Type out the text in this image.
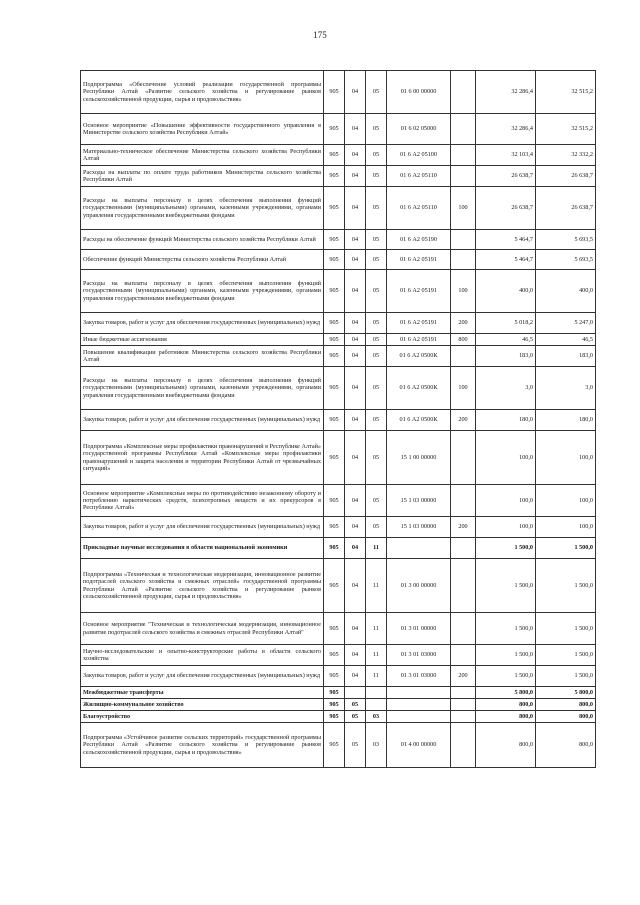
175
Подпрограмма «Обеспечение условий реализации государственной программы Республики Алтай «Развитие сельского хозяйства и регулирование рынков сельскохозяйственной продукции, сырья и продовольствия»	905	04	05	01 6 00 00000		32 286,4	32 515,2
Основное мероприятие «Повышение эффективности государственного управления в Министерстве сельского хозяйства Республики Алтай»	905	04	05	01 6 02 05000		32 286,4	32 515,2
Материально-техническое обеспечение Министерства сельского хозяйства Республики Алтай	905	04	05	01 6 А2 05100		32 103,4	32 332,2
Расходы на выплаты по оплате труда работников Министерства сельского хозяйства Республики Алтай	905	04	05	01 6 А2 05110		26 638,7	26 638,7
Расходы на выплаты персоналу в целях обеспечения выполнения функций государственными (муниципальными) органами, казенными учреждениями, органами управления государственными внебюджетными фондами	905	04	05	01 6 А2 05110	100	26 638,7	26 638,7
Расходы на обеспечение функций Министерства сельского хозяйства Республики Алтай	905	04	05	01 6 А2 05190		5 464,7	5 693,5
Обеспечение функций Министерства сельского хозяйства Республики Алтай	905	04	05	01 6 А2 05191		5 464,7	5 693,5
Расходы на выплаты персоналу в целях обеспечения выполнения функций государственными (муниципальными) органами, казенными учреждениями, органами управления государственными внебюджетными фондами	905	04	05	01 6 А2 05191	100	400,0	400,0
Закупка товаров, работ и услуг для обеспечения государственных (муниципальных) нужд	905	04	05	01 6 А2 05191	200	5 018,2	5 247,0
Иные бюджетные ассигнования	905	04	05	01 6 А2 05191	800	46,5	46,5
Повышение квалификации работников Министерства сельского хозяйства Республики Алтай	905	04	05	01 6 А2 0500К		183,0	183,0
Расходы на выплаты персоналу в целях обеспечения выполнения функций государственными (муниципальными) органами, казенными учреждениями, органами управления государственными внебюджетными фондами	905	04	05	01 6 А2 0500К	100	3,0	3,0
Закупка товаров, работ и услуг для обеспечения государственных (муниципальных) нужд	905	04	05	01 6 А2 0500К	200	180,0	180,0
Подпрограмма «Комплексные меры профилактики правонарушений в Республике Алтай» государственной программы Республики Алтай «Комплексные меры профилактики правонарушений и защита населения и территории Республики Алтай от чрезвычайных ситуаций»	905	04	05	15 1 00 00000		100,0	100,0
Основное мероприятие «Комплексные меры по противодействию незаконному обороту и потреблению наркотических средств, психотропных веществ и их прекурсоров в Республике Алтай»	905	04	05	15 1 03 00000		100,0	100,0
Закупка товаров, работ и услуг для обеспечения государственных (муниципальных) нужд	905	04	05	15 1 03 00000	200	100,0	100,0
Прикладные научные исследования в области национальной экономики	905	04	11			1 500,0	1 500,0
Подпрограмма «Техническая и технологическая модернизация, инновационное развитие подотраслей сельского хозяйства и смежных отраслей» государственной программы Республики Алтай «Развитие сельского хозяйства и регулирование рынков сельскохозяйственной продукции, сырья и продовольствия»	905	04	11	01 3 00 00000		1 500,0	1 500,0
Основное мероприятие "Техническая и технологическая модернизация, инновационное развитие подотраслей сельского хозяйства и смежных отраслей Республики Алтай"	905	04	11	01 3 01 00000		1 500,0	1 500,0
Научно-исследовательские и опытно-конструкторские работы в области сельского хозяйства	905	04	11	01 3 01 03000		1 500,0	1 500,0
Закупка товаров, работ и услуг для обеспечения государственных (муниципальных) нужд	905	04	11	01 3 01 03000	200	1 500,0	1 500,0
Межбюджетные трансферты	905					5 800,0	5 800,0
Жилищно-коммунальное хозяйство	905	05				800,0	800,0
Благоустройство	905	05	03			800,0	800,0
Подпрограмма «Устойчивое развитие сельских территорий» государственной программы Республики Алтай «Развитие сельского хозяйства и регулирование рынков сельскохозяйственной продукции, сырья и продовольствия»	905	05	03	01 4 00 00000		800,0	800,0
